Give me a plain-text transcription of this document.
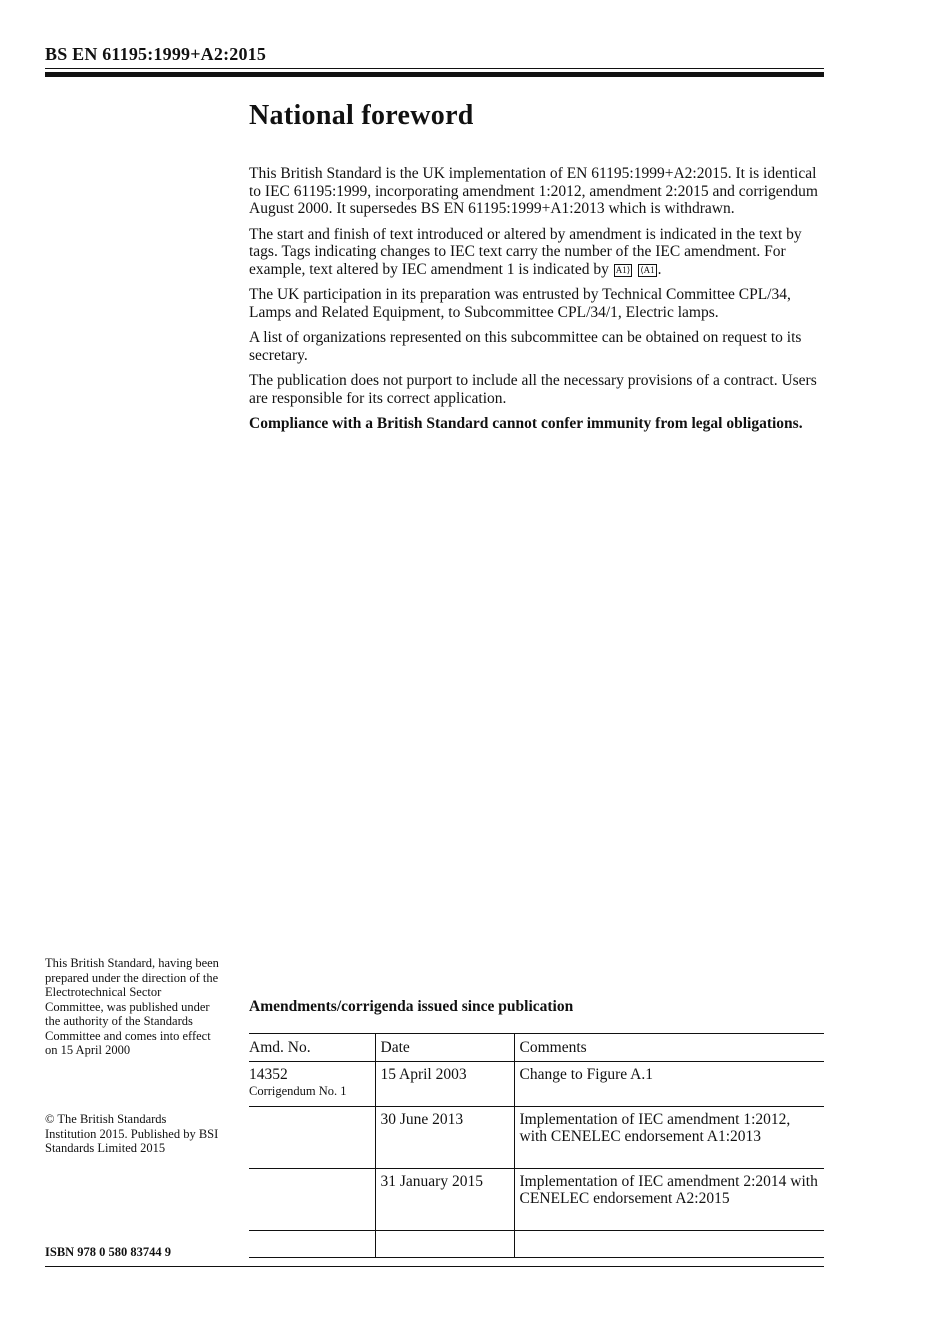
BS EN 61195:1999+A2:2015
National foreword

This British Standard is the UK implementation of EN 61195:1999+A2:2015. It is identical to IEC 61195:1999, incorporating amendment 1:2012, amendment 2:2015 and corrigendum August 2000. It supersedes BS EN 61195:1999+A1:2013 which is withdrawn.

The start and finish of text introduced or altered by amendment is indicated in the text by tags. Tags indicating changes to IEC text carry the number of the IEC amendment. For example, text altered by IEC amendment 1 is indicated by A1⟩ ⟨A1 .

The UK participation in its preparation was entrusted by Technical Committee CPL/34, Lamps and Related Equipment, to Subcommittee CPL/34/1, Electric lamps.

A list of organizations represented on this subcommittee can be obtained on request to its secretary.

The publication does not purport to include all the necessary provisions of a contract. Users are responsible for its correct application.

Compliance with a British Standard cannot confer immunity from legal obligations.

This British Standard, having been prepared under the direction of the Electrotechnical Sector Committee, was published under the authority of the Standards Committee and comes into effect on 15 April 2000

© The British Standards Institution 2015. Published by BSI Standards Limited 2015

Amendments/corrigenda issued since publication
Amd. No.	Date	Comments

14352
Corrigendum No. 1	15 April 2003	Change to Figure A.1

	30 June 2013	Implementation of IEC amendment 1:2012, with CENELEC endorsement A1:2013

	31 January 2015	Implementation of IEC amendment 2:2014 with CENELEC endorsement A2:2015

ISBN 978 0 580 83744 9
